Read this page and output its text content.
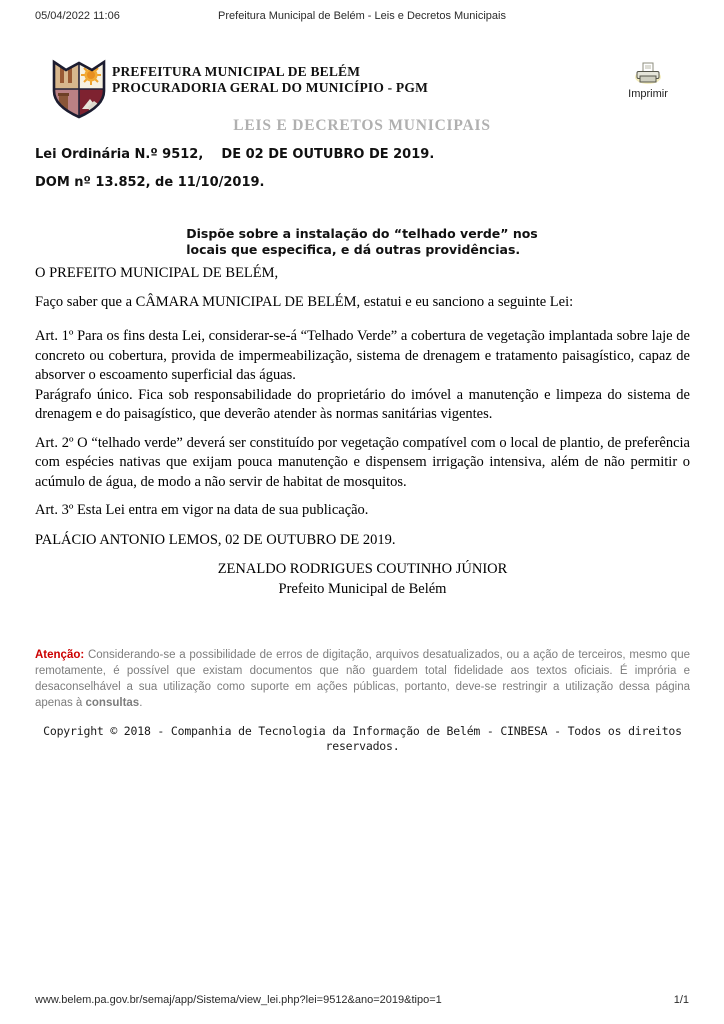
05/04/2022 11:06	Prefeitura Municipal de Belém - Leis e Decretos Municipais
PREFEITURA MUNICIPAL DE BELÉM
PROCURADORIA GERAL DO MUNICÍPIO - PGM	Imprimir
LEIS E DECRETOS MUNICIPAIS
Lei Ordinária N.º 9512,    DE 02 DE OUTUBRO DE 2019.
DOM nº 13.852, de 11/10/2019.
Dispõe sobre a instalação do “telhado verde” nos
locais que especifica, e dá outras providências.

O PREFEITO MUNICIPAL DE BELÉM,

Faço saber que a CÂMARA MUNICIPAL DE BELÉM, estatui e eu sanciono a seguinte Lei:

Art. 1º Para os fins desta Lei, considerar-se-á “Telhado Verde” a cobertura de vegetação implantada sobre laje de concreto ou cobertura, provida de impermeabilização, sistema de drenagem e tratamento paisagístico, capaz de absorver o escoamento superficial das águas.

Parágrafo único. Fica sob responsabilidade do proprietário do imóvel a manutenção e limpeza do sistema de drenagem e do paisagístico, que deverão atender às normas sanitárias vigentes.

Art. 2º O “telhado verde” deverá ser constituído por vegetação compatível com o local de plantio, de preferência com espécies nativas que exijam pouca manutenção e dispensem irrigação intensiva, além de não permitir o acúmulo de água, de modo a não servir de habitat de mosquitos.

Art. 3º Esta Lei entra em vigor na data de sua publicação.

PALÁCIO ANTONIO LEMOS, 02 DE OUTUBRO DE 2019.

ZENALDO RODRIGUES COUTINHO JÚNIOR
Prefeito Municipal de Belém
Atenção: Considerando-se a possibilidade de erros de digitação, arquivos desatualizados, ou a ação de terceiros, mesmo que remotamente, é possível que existam documentos que não guardem total fidelidade aos textos oficiais. É imprória e desaconselhável a sua utilização como suporte em ações públicas, portanto, deve-se restringir a utilização dessa página apenas à consultas.
Copyright © 2018 - Companhia de Tecnologia da Informação de Belém - CINBESA - Todos os direitos reservados.
www.belem.pa.gov.br/semaj/app/Sistema/view_lei.php?lei=9512&ano=2019&tipo=1	1/1
